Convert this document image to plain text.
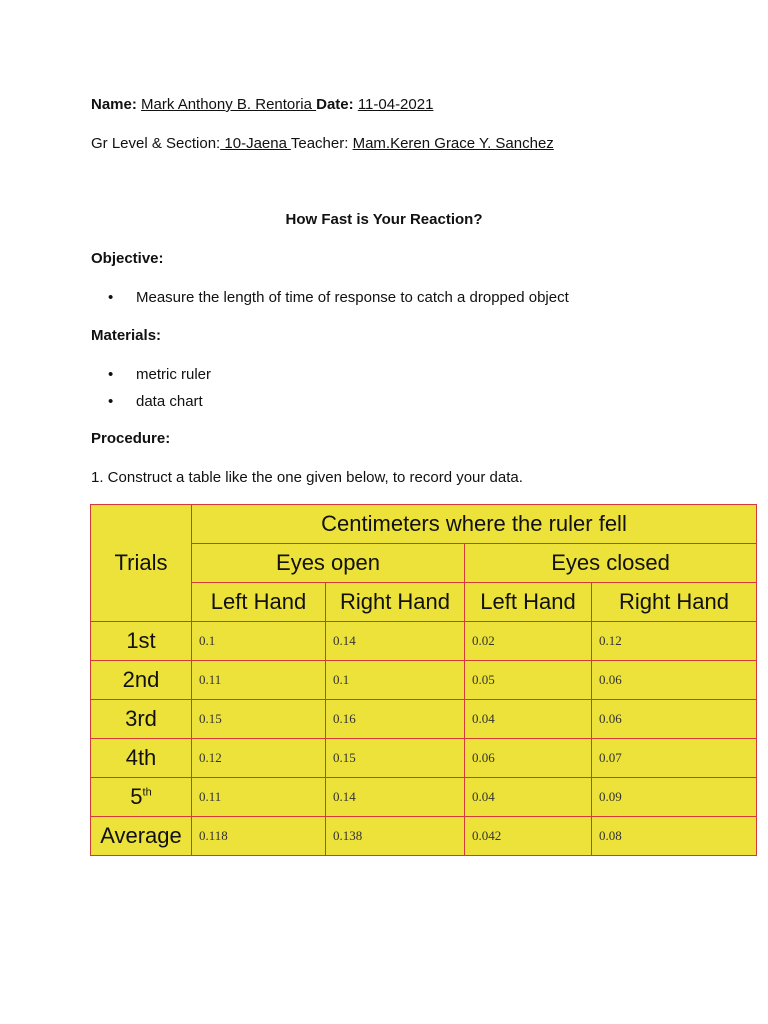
Name: Mark Anthony B. Rentoria Date: 11-04-2021
Gr Level & Section: 10-Jaena Teacher: Mam.Keren Grace Y. Sanchez
How Fast is Your Reaction?
Objective:
• Measure the length of time of response to catch a dropped object
Materials:
• metric ruler
• data chart
Procedure:
1. Construct a table like the one given below, to record your data.
Trials	Centimeters where the ruler fell			
	Eyes open		Eyes closed	
	Left Hand	Right Hand	Left Hand	Right Hand
1st	0.1	0.14	0.02	0.12
2nd	0.11	0.1	0.05	0.06
3rd	0.15	0.16	0.04	0.06
4th	0.12	0.15	0.06	0.07
5th	0.11	0.14	0.04	0.09
Average	0.118	0.138	0.042	0.08
